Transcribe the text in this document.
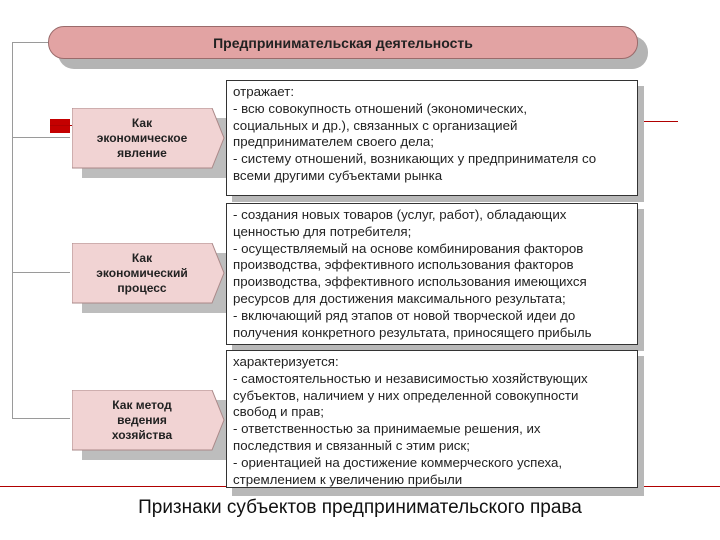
Предпринимательская деятельность
Как
экономическое
явление
Как
экономический
процесс
Как метод
ведения
хозяйства
отражает:
- всю совокупность отношений (экономических,
социальных и др.), связанных с организацией
предпринимателем своего дела;
- систему отношений, возникающих у предпринимателя со
всеми другими субъектами рынка
- создания новых товаров (услуг, работ), обладающих
ценностью для потребителя;
- осуществляемый на основе комбинирования факторов
производства, эффективного использования факторов
производства, эффективного использования имеющихся
ресурсов для достижения максимального результата;
- включающий ряд этапов от новой творческой идеи до
получения конкретного результата, приносящего прибыль
характеризуется:
- самостоятельностью и независимостью хозяйствующих
субъектов, наличием у них определенной совокупности
свобод и прав;
- ответственностью за принимаемые решения, их
последствия и связанный с этим риск;
- ориентацией на достижение коммерческого успеха,
стремлением к увеличению прибыли
Признаки субъектов предпринимательского права
